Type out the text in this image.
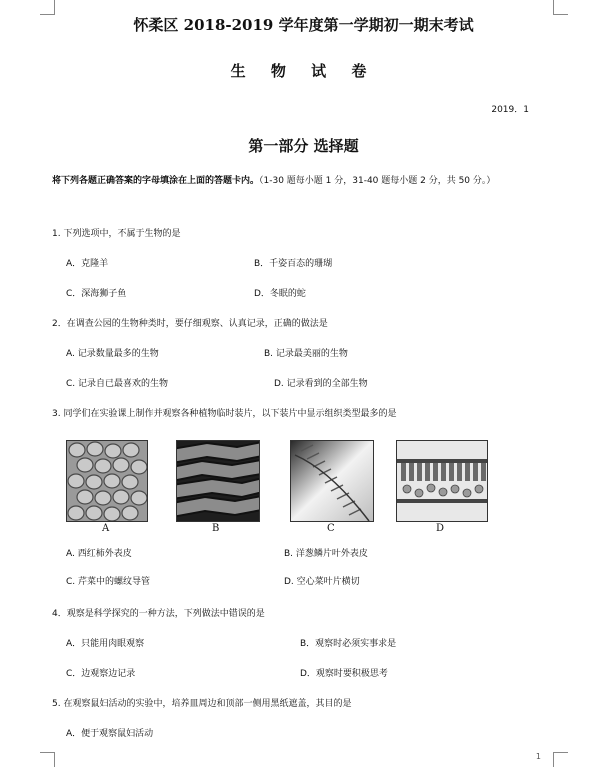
怀柔区 2018-2019 学年度第一学期初一期末考试
生 物 试 卷
2019．1
第一部分 选择题
将下列各题正确答案的字母填涂在上面的答题卡内。（1-30 题每小题 1 分，31-40 题每小题 2 分，共 50 分。）
1. 下列选项中，不属于生物的是
A．克隆羊	B．千姿百态的珊瑚
C．深海狮子鱼	D．冬眠的蛇
2．在调查公园的生物种类时，要仔细观察、认真记录，正确的做法是
A. 记录数量最多的生物	B. 记录最美丽的生物
C. 记录自已最喜欢的生物	D. 记录看到的全部生物
3. 同学们在实验课上制作并观察各种植物临时装片，以下装片中显示组织类型最多的是
A	B	C	D
A. 西红柿外表皮	B. 洋葱鳞片叶外表皮
C. 芹菜中的螺纹导管	D. 空心菜叶片横切
4．观察是科学探究的一种方法，下列做法中错误的是
A．只能用肉眼观察	B．观察时必须实事求是
C．边观察边记录	D．观察时要积极思考
5. 在观察鼠妇活动的实验中，培养皿周边和顶部一侧用黑纸遮盖，其目的是
A．便于观察鼠妇活动
1
